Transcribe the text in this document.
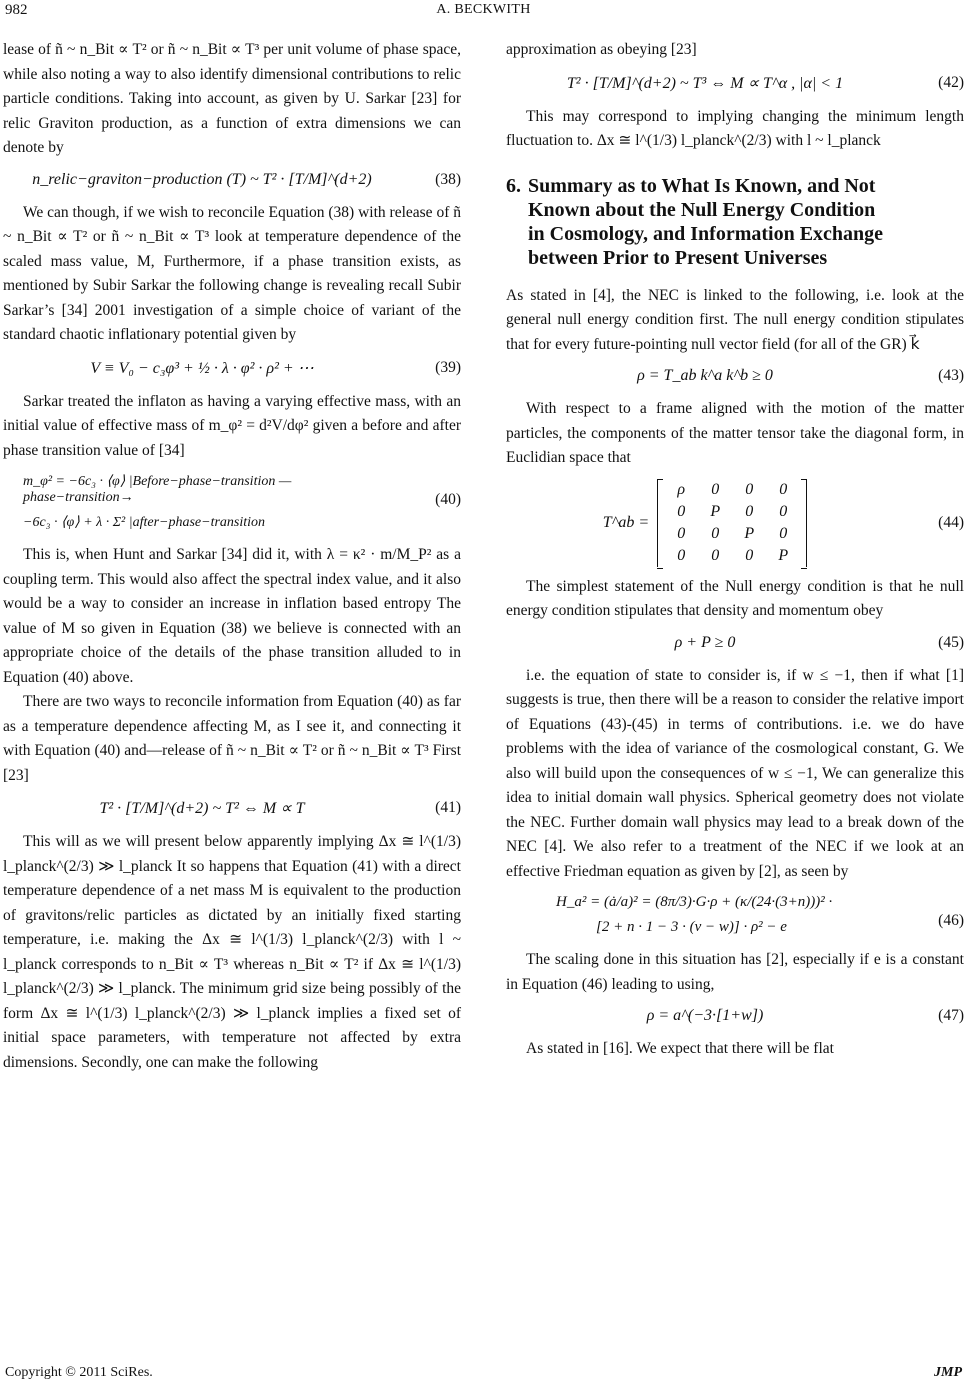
982	A. BECKWITH

lease of ñ ~ n_Bit ∝ T² or ñ ~ n_Bit ∝ T³ per unit volume of phase space, while also noting a way to also identify dimensional contributions to relic particle conditions. Taking into account, as given by U. Sarkar [23] for relic Graviton production, as a function of extra dimensions we can denote by

n_relic−graviton−production (T) ~ T² · [T/M]^(d+2)	(38)

We can though, if we wish to reconcile Equation (38) with release of ñ ~ n_Bit ∝ T² or ñ ~ n_Bit ∝ T³ look at temperature dependence of the scaled mass value, M, Furthermore, if a phase transition exists, as mentioned by Subir Sarkar the following change is revealing recall Subir Sarkar’s [34] 2001 investigation of a simple choice of variant of the standard chaotic inflationary potential given by

V ≡ V₀ − c₃φ³ + ½ · λ · φ² · ρ² + ⋯	(39)

Sarkar treated the inflaton as having a varying effective mass, with an initial value of effective mass of m_φ² = d²V/dφ² given a before and after phase transition value of [34]

m_φ² = −6c₃ · ⟨φ⟩ |Before−phase−transition —phase−transition→
−6c₃ · ⟨φ⟩ + λ · Σ² |after−phase−transition
(40)

This is, when Hunt and Sarkar [34] did it, with λ = κ² · m/M_P² as a coupling term. This would also affect the spectral index value, and it also would be a way to consider an increase in inflation based entropy The value of M so given in Equation (38) we believe is connected with an appropriate choice of the details of the phase transition alluded to in Equation (40) above.

There are two ways to reconcile information from Equation (40) as far as a temperature dependence affecting M, as I see it, and connecting it with Equation (40) and—release of ñ ~ n_Bit ∝ T² or ñ ~ n_Bit ∝ T³ First [23]

T² · [T/M]^(d+2) ~ T² ⇔ M ∝ T	(41)

This will as we will present below apparently implying Δx ≅ l^(1/3) l_planck^(2/3) ≫ l_planck It so happens that Equation (41) with a direct temperature dependence of a net mass M is equivalent to the production of gravitons/relic particles as dictated by an initially fixed starting temperature, i.e. making the Δx ≅ l^(1/3) l_planck^(2/3) with l ~ l_planck corresponds to n_Bit ∝ T³ whereas n_Bit ∝ T² if Δx ≅ l^(1/3) l_planck^(2/3) ≫ l_planck. The minimum grid size being possibly of the form Δx ≅ l^(1/3) l_planck^(2/3) ≫ l_planck implies a fixed set of initial space parameters, with temperature not affected by extra dimensions. Secondly, one can make the following

approximation as obeying [23]

T² · [T/M]^(d+2) ~ T³ ⇔ M ∝ T^α , |α| < 1	(42)

This may correspond to implying changing the minimum length fluctuation to. Δx ≅ l^(1/3) l_planck^(2/3) with l ~ l_planck

6. Summary as to What Is Known, and Not
Known about the Null Energy Condition
in Cosmology, and Information Exchange
between Prior to Present Universes

As stated in [4], the NEC is linked to the following, i.e. look at the general null energy condition first. The null energy condition stipulates that for every future-pointing null vector field (for all of the GR) k⃗

ρ = T_ab k^a k^b ≥ 0	(43)

With respect to a frame aligned with the motion of the matter particles, the components of the matter tensor take the diagonal form, in Euclidian space that

T^ab =
ρ	0	0	0
0	P	0	0
0	0	P	0
0	0	0	P
(44)

The simplest statement of the Null energy condition is that he null energy condition stipulates that density and momentum obey

ρ + P ≥ 0	(45)

i.e. the equation of state to consider is, if w ≤ −1, then if what [1] suggests is true, then there will be a reason to consider the relative import of Equations (43)-(45) in terms of contributions. i.e. we do have problems with the idea of variance of the cosmological constant, G. We also will build upon the consequences of w ≤ −1, We can generalize this idea to initial domain wall physics. Spherical geometry does not violate the NEC. Further domain wall physics may lead to a break down of the NEC [4]. We also refer to a treatment of the NEC if we look at an effective Friedman equation as given by [2], as seen by

H_a² = (ȧ/a)² = (8π/3)·G·ρ + (κ/(24·(3+n)))² ·
[2 + n · 1 − 3 · (ν − w)] · ρ² − e	(46)

The scaling done in this situation has [2], especially if e is a constant in Equation (46) leading to using,

ρ = a^(−3·[1+w])	(47)

As stated in [16]. We expect that there will be flat

Copyright © 2011 SciRes.	JMP
